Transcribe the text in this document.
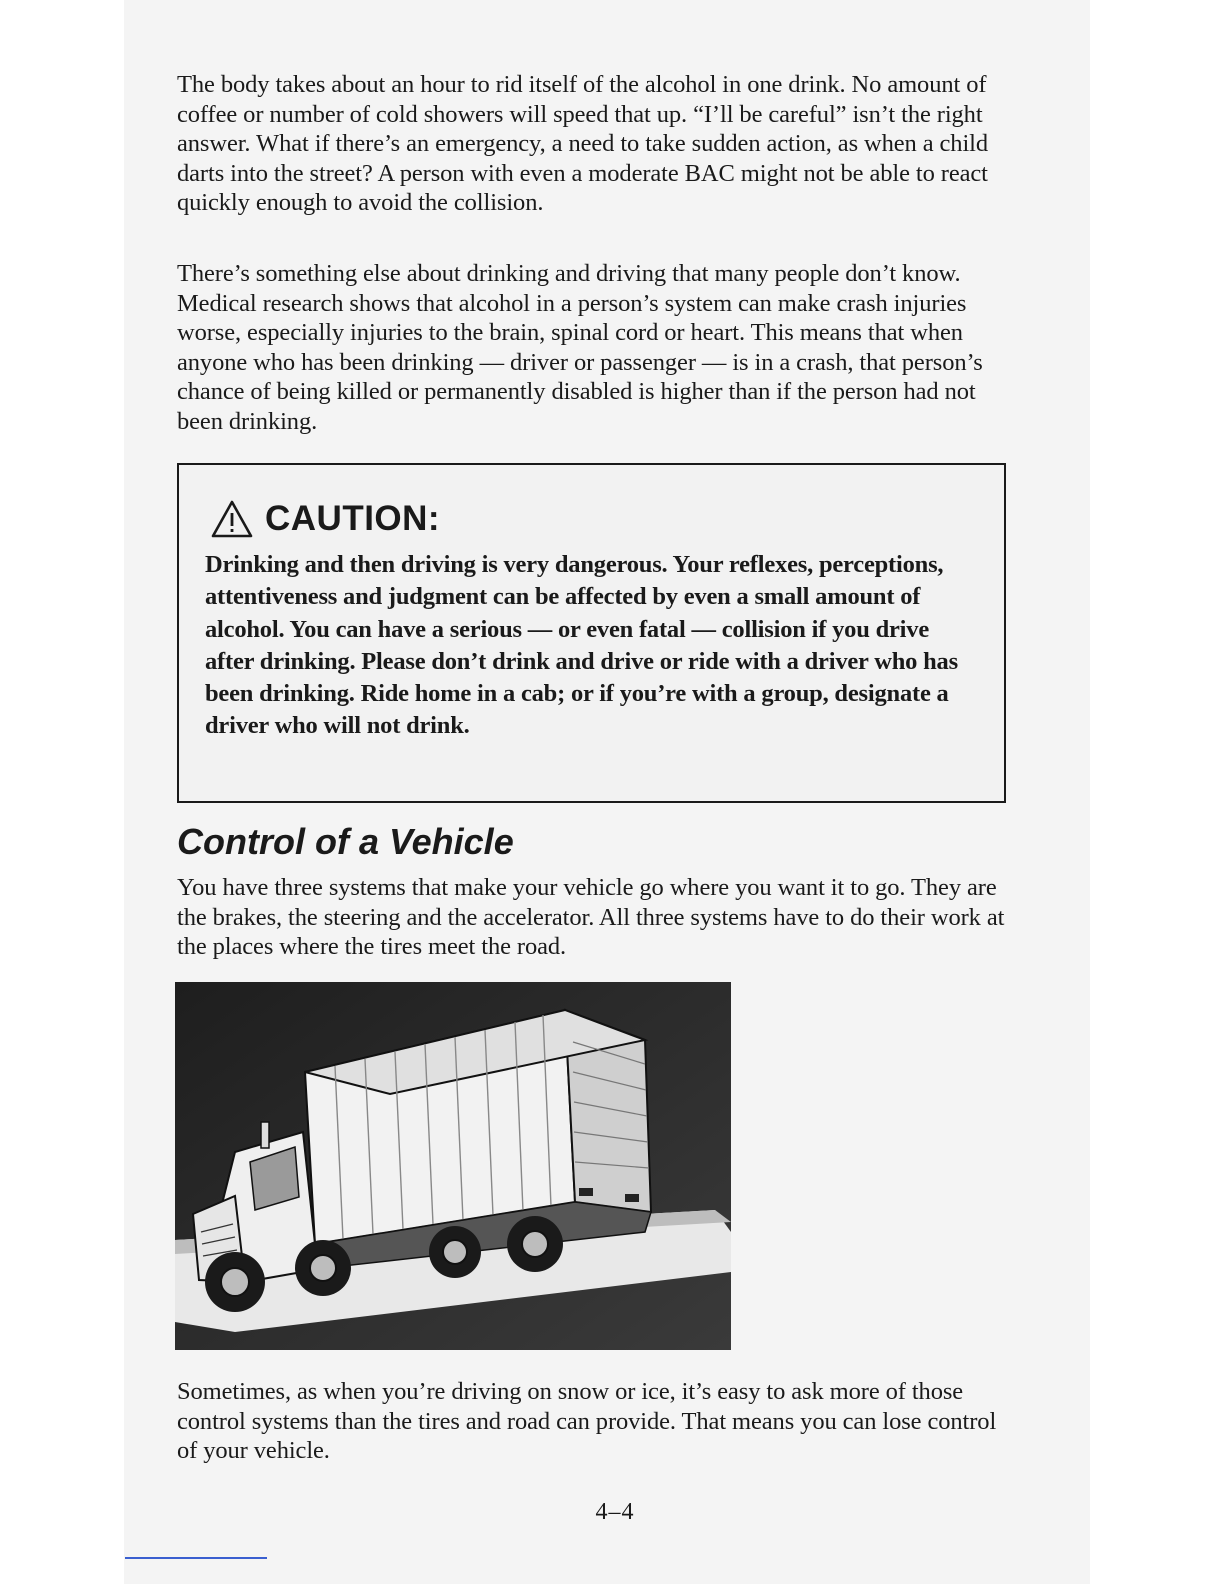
The body takes about an hour to rid itself of the alcohol in one drink. No amount of coffee or number of cold showers will speed that up. “I’ll be careful” isn’t the right answer. What if there’s an emergency, a need to take sudden action, as when a child darts into the street? A person with even a moderate BAC might not be able to react quickly enough to avoid the collision.

There’s something else about drinking and driving that many people don’t know. Medical research shows that alcohol in a person’s system can make crash injuries worse, especially injuries to the brain, spinal cord or heart. This means that when anyone who has been drinking — driver or passenger — is in a crash, that person’s chance of being killed or permanently disabled is higher than if the person had not been drinking.

CAUTION:

Drinking and then driving is very dangerous. Your reflexes, perceptions, attentiveness and judgment can be affected by even a small amount of alcohol. You can have a serious — or even fatal — collision if you drive after drinking. Please don’t drink and drive or ride with a driver who has been drinking. Ride home in a cab; or if you’re with a group, designate a driver who will not drink.

Control of a Vehicle

You have three systems that make your vehicle go where you want it to go. They are the brakes, the steering and the accelerator. All three systems have to do their work at the places where the tires meet the road.

Sometimes, as when you’re driving on snow or ice, it’s easy to ask more of those control systems than the tires and road can provide. That means you can lose control of your vehicle.

4–4
